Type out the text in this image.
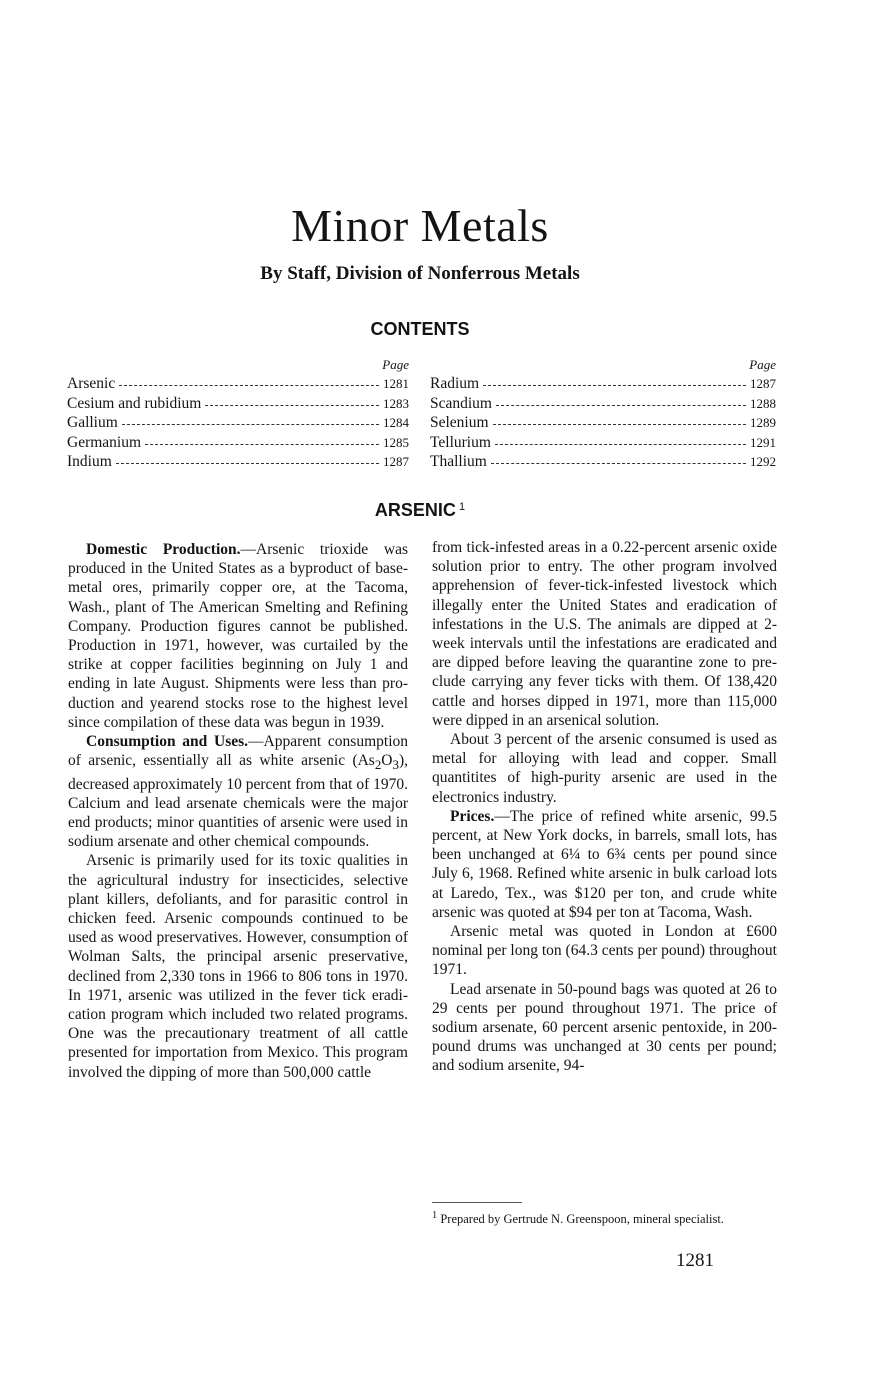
Minor Metals
By Staff, Division of Nonferrous Metals
CONTENTS
Page
Arsenic	1281
Cesium and rubidium	1283
Gallium	1284
Germanium	1285
Indium	1287
Page
Radium	1287
Scandium	1288
Selenium	1289
Tellurium	1291
Thallium	1292
ARSENIC $^1$

Domestic Production.—Arsenic trioxide was produced in the United States as a byproduct of base-metal ores, primarily copper ore, at the Tacoma, Wash., plant of The American Smelting and Refining Company. Production figures cannot be published. Production in 1971, however, was curtailed by the strike at copper facilities beginning on July 1 and ending in late August. Shipments were less than production and yearend stocks rose to the highest level since compilation of these data was begun in 1939.

Consumption and Uses.—Apparent consumption of arsenic, essentially all as white arsenic $(As_2O_3)$, decreased approximately 10 percent from that of 1970. Calcium and lead arsenate chemicals were the major end products; minor quantities of arsenic were used in sodium arsenate and other chemical compounds.

Arsenic is primarily used for its toxic qualities in the agricultural industry for insecticides, selective plant killers, defoliants, and for parasitic control in chicken feed. Arsenic compounds continued to be used as wood preservatives. However, consumption of Wolman Salts, the principal arsenic preservative, declined from 2,330 tons in 1966 to 806 tons in 1970. In 1971, arsenic was utilized in the fever tick eradication program which included two related programs. One was the precautionary treatment of all cattle presented for importation from Mexico. This program involved the dipping of more than 500,000 cattle

from tick-infested areas in a 0.22-percent arsenic oxide solution prior to entry. The other program involved apprehension of fever-tick-infested livestock which illegally enter the United States and eradication of infestations in the U.S. The animals are dipped at 2-week intervals until the infestations are eradicated and are dipped before leaving the quarantine zone to preclude carrying any fever ticks with them. Of 138,420 cattle and horses dipped in 1971, more than 115,000 were dipped in an arsenical solution.

About 3 percent of the arsenic consumed is used as metal for alloying with lead and copper. Small quantitites of high-purity arsenic are used in the electronics industry.

Prices.—The price of refined white arsenic, 99.5 percent, at New York docks, in barrels, small lots, has been unchanged at 6¼ to 6¾ cents per pound since July 6, 1968. Refined white arsenic in bulk carload lots at Laredo, Tex., was $120 per ton, and crude white arsenic was quoted at $94 per ton at Tacoma, Wash.

Arsenic metal was quoted in London at £600 nominal per long ton (64.3 cents per pound) throughout 1971.

Lead arsenate in 50-pound bags was quoted at 26 to 29 cents per pound throughout 1971. The price of sodium arsenate, 60 percent arsenic pentoxide, in 200-pound drums was unchanged at 30 cents per pound; and sodium arsenite, 94-

$^1$ Prepared by Gertrude N. Greenspoon, mineral specialist.
1281
